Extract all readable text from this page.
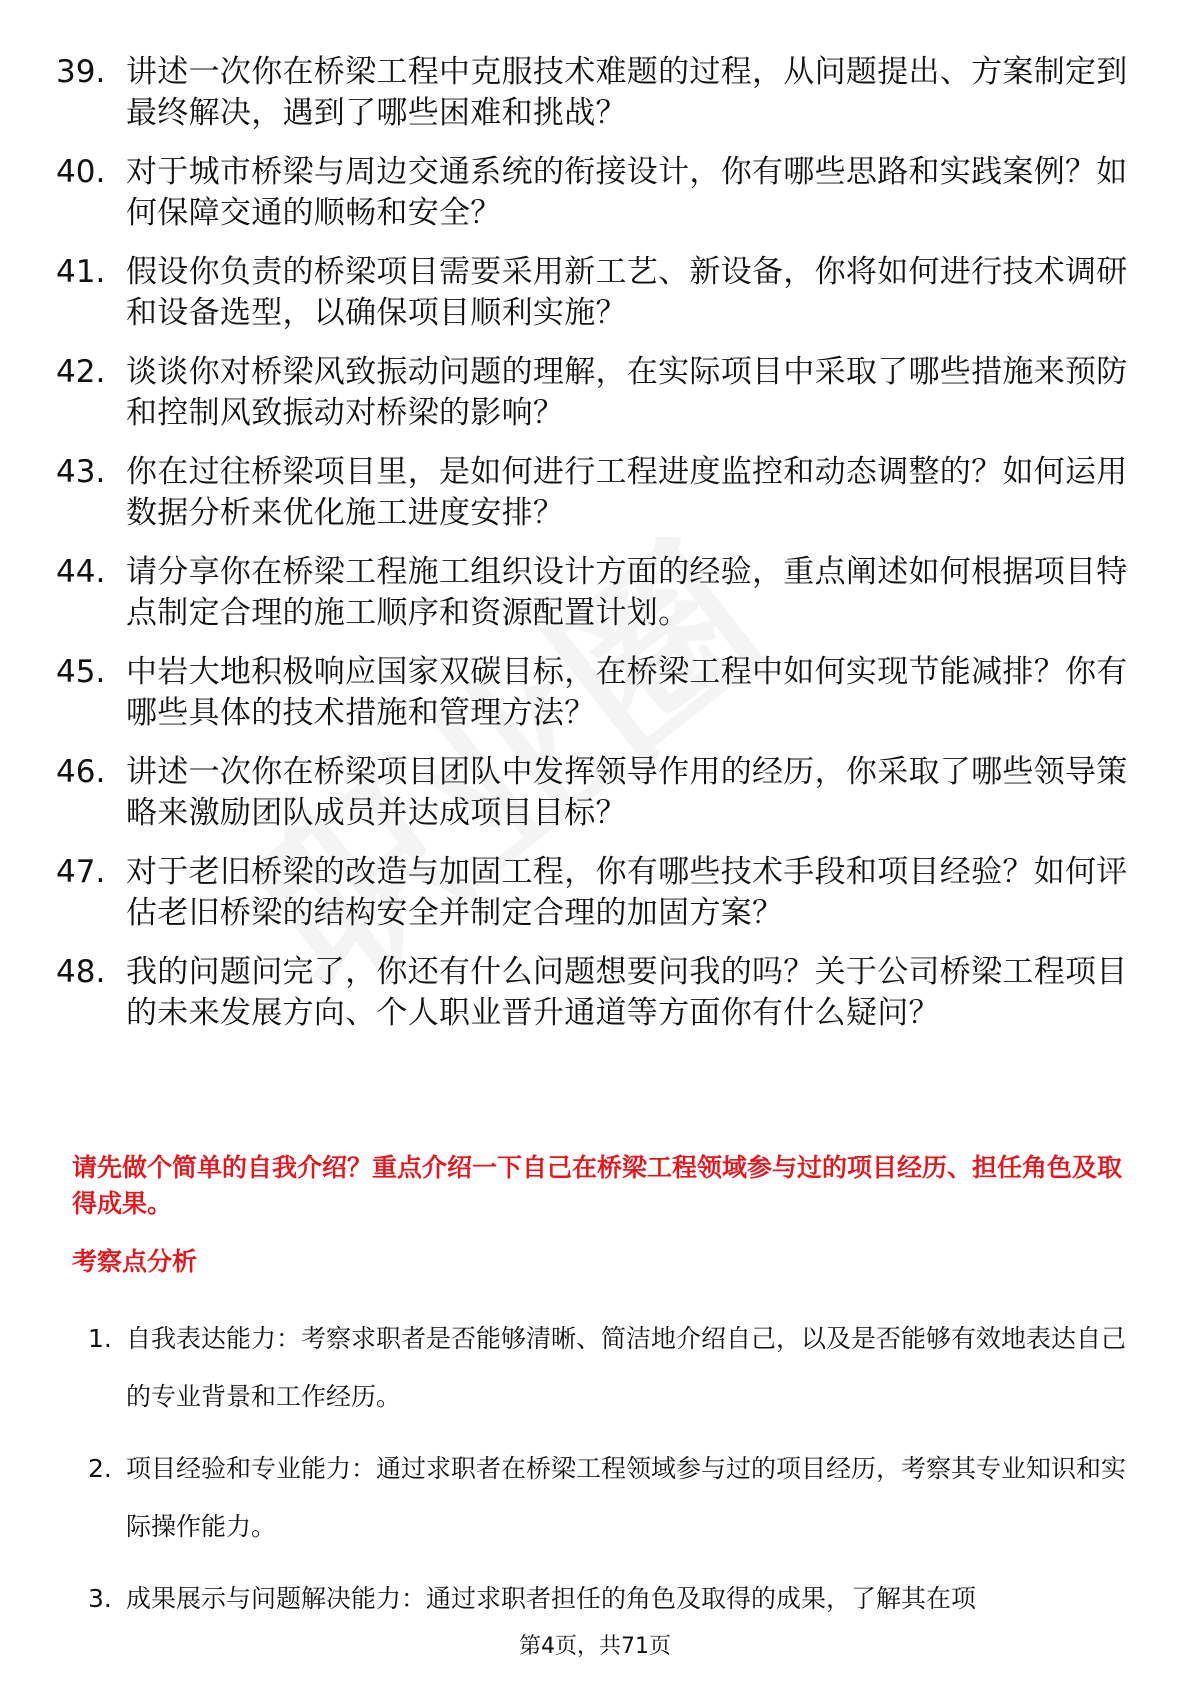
39. 讲述一次你在桥梁工程中克服技术难题的过程，从问题提出、方案制定到最终解决，遇到了哪些困难和挑战？
40. 对于城市桥梁与周边交通系统的衔接设计，你有哪些思路和实践案例？如何保障交通的顺畅和安全？
41. 假设你负责的桥梁项目需要采用新工艺、新设备，你将如何进行技术调研和设备选型，以确保项目顺利实施？
42. 谈谈你对桥梁风致振动问题的理解，在实际项目中采取了哪些措施来预防和控制风致振动对桥梁的影响？
43. 你在过往桥梁项目里，是如何进行工程进度监控和动态调整的？如何运用数据分析来优化施工进度安排？
44. 请分享你在桥梁工程施工组织设计方面的经验，重点阐述如何根据项目特点制定合理的施工顺序和资源配置计划。
45. 中岩大地积极响应国家双碳目标，在桥梁工程中如何实现节能减排？你有哪些具体的技术措施和管理方法？
46. 讲述一次你在桥梁项目团队中发挥领导作用的经历，你采取了哪些领导策略来激励团队成员并达成项目目标？
47. 对于老旧桥梁的改造与加固工程，你有哪些技术手段和项目经验？如何评估老旧桥梁的结构安全并制定合理的加固方案？
48. 我的问题问完了，你还有什么问题想要问我的吗？关于公司桥梁工程项目的未来发展方向、个人职业晋升通道等方面你有什么疑问？
请先做个简单的自我介绍？重点介绍一下自己在桥梁工程领域参与过的项目经历、担任角色及取得成果。
考察点分析
1. 自我表达能力：考察求职者是否能够清晰、简洁地介绍自己，以及是否能够有效地表达自己的专业背景和工作经历。
2. 项目经验和专业能力：通过求职者在桥梁工程领域参与过的项目经历，考察其专业知识和实际操作能力。
3. 成果展示与问题解决能力：通过求职者担任的角色及取得的成果，了解其在项
第4页，共71页
